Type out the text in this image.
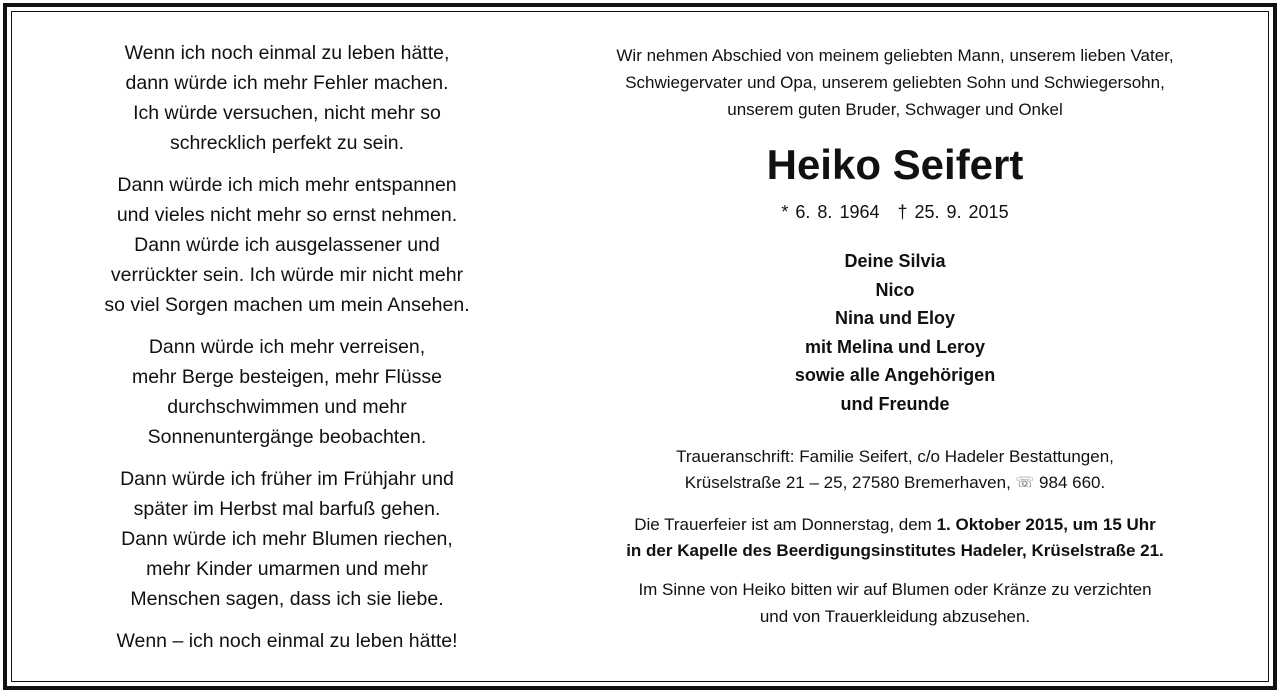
Wenn ich noch einmal zu leben hätte,
dann würde ich mehr Fehler machen.
Ich würde versuchen, nicht mehr so
schrecklich perfekt zu sein.
Dann würde ich mich mehr entspannen
und vieles nicht mehr so ernst nehmen.
Dann würde ich ausgelassener und
verrückter sein. Ich würde mir nicht mehr
so viel Sorgen machen um mein Ansehen.
Dann würde ich mehr verreisen,
mehr Berge besteigen, mehr Flüsse
durchschwimmen und mehr
Sonnenuntergänge beobachten.
Dann würde ich früher im Frühjahr und
später im Herbst mal barfuß gehen.
Dann würde ich mehr Blumen riechen,
mehr Kinder umarmen und mehr
Menschen sagen, dass ich sie liebe.
Wenn – ich noch einmal zu leben hätte!
Wir nehmen Abschied von meinem geliebten Mann, unserem lieben Vater,
Schwiegervater und Opa, unserem geliebten Sohn und Schwiegersohn,
unserem guten Bruder, Schwager und Onkel
Heiko Seifert
* 6. 8. 1964 † 25. 9. 2015
Deine Silvia
Nico
Nina und Eloy
mit Melina und Leroy
sowie alle Angehörigen
und Freunde
Traueranschrift: Familie Seifert, c/o Hadeler Bestattungen,
Krüselstraße 21 – 25, 27580 Bremerhaven, ☏ 984 660.
Die Trauerfeier ist am Donnerstag, dem 1. Oktober 2015, um 15 Uhr
in der Kapelle des Beerdigungsinstitutes Hadeler, Krüselstraße 21.
Im Sinne von Heiko bitten wir auf Blumen oder Kränze zu verzichten
und von Trauerkleidung abzusehen.
